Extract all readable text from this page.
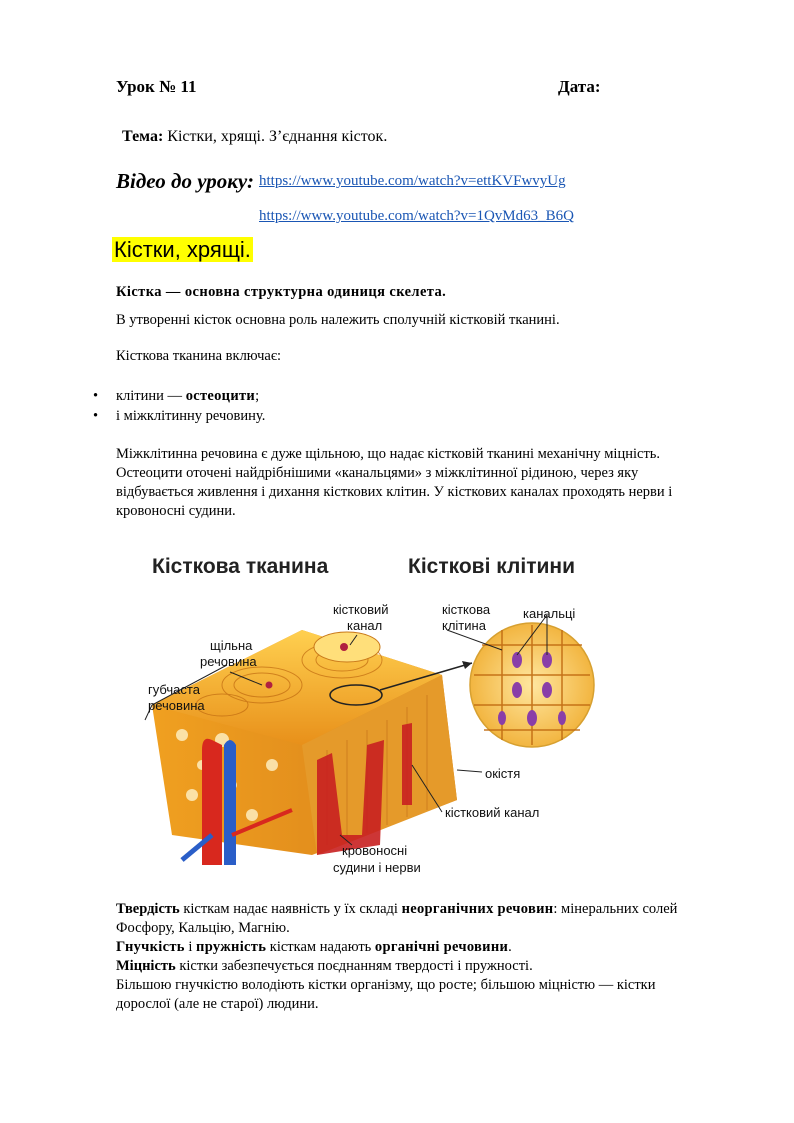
Урок № 11	Дата:
Тема: Кістки, хрящі. З’єднання кісток.
Відео до уроку: https://www.youtube.com/watch?v=ettKVFwvyUg
https://www.youtube.com/watch?v=1QvMd63_B6Q
Кістки, хрящі.
Кістка — основна структурна одиниця скелета.
В утворенні кісток основна роль належить сполучній кістковій тканині.
Кісткова тканина включає:
• клітини — остеоцити;
• і міжклітинну речовину.
Міжклітинна речовина є дуже щільною, що надає кістковій тканині механічну міцність.
Остеоцити оточені найдрібнішими «канальцями» з міжклітинної рідиною, через яку
відбувається живлення і дихання кісткових клітин. У кісткових каналах проходять нерви і
кровоносні судини.
Кісткова тканина	Кісткові клітини
кістковий канал
щільна речовина
губчаста речовина
кісткова клітина
канальці
окістя
кістковий канал
кровоносні судини і нерви
Твердість кісткам надає наявність у їх складі неорганічних речовин: мінеральних солей
Фосфору, Кальцію, Магнію.
Гнучкість і пружність кісткам надають органічні речовини.
Міцність кістки забезпечується поєднанням твердості і пружності.
Більшою гнучкістю володіють кістки організму, що росте; більшою міцністю — кістки
дорослої (але не старої) людини.
